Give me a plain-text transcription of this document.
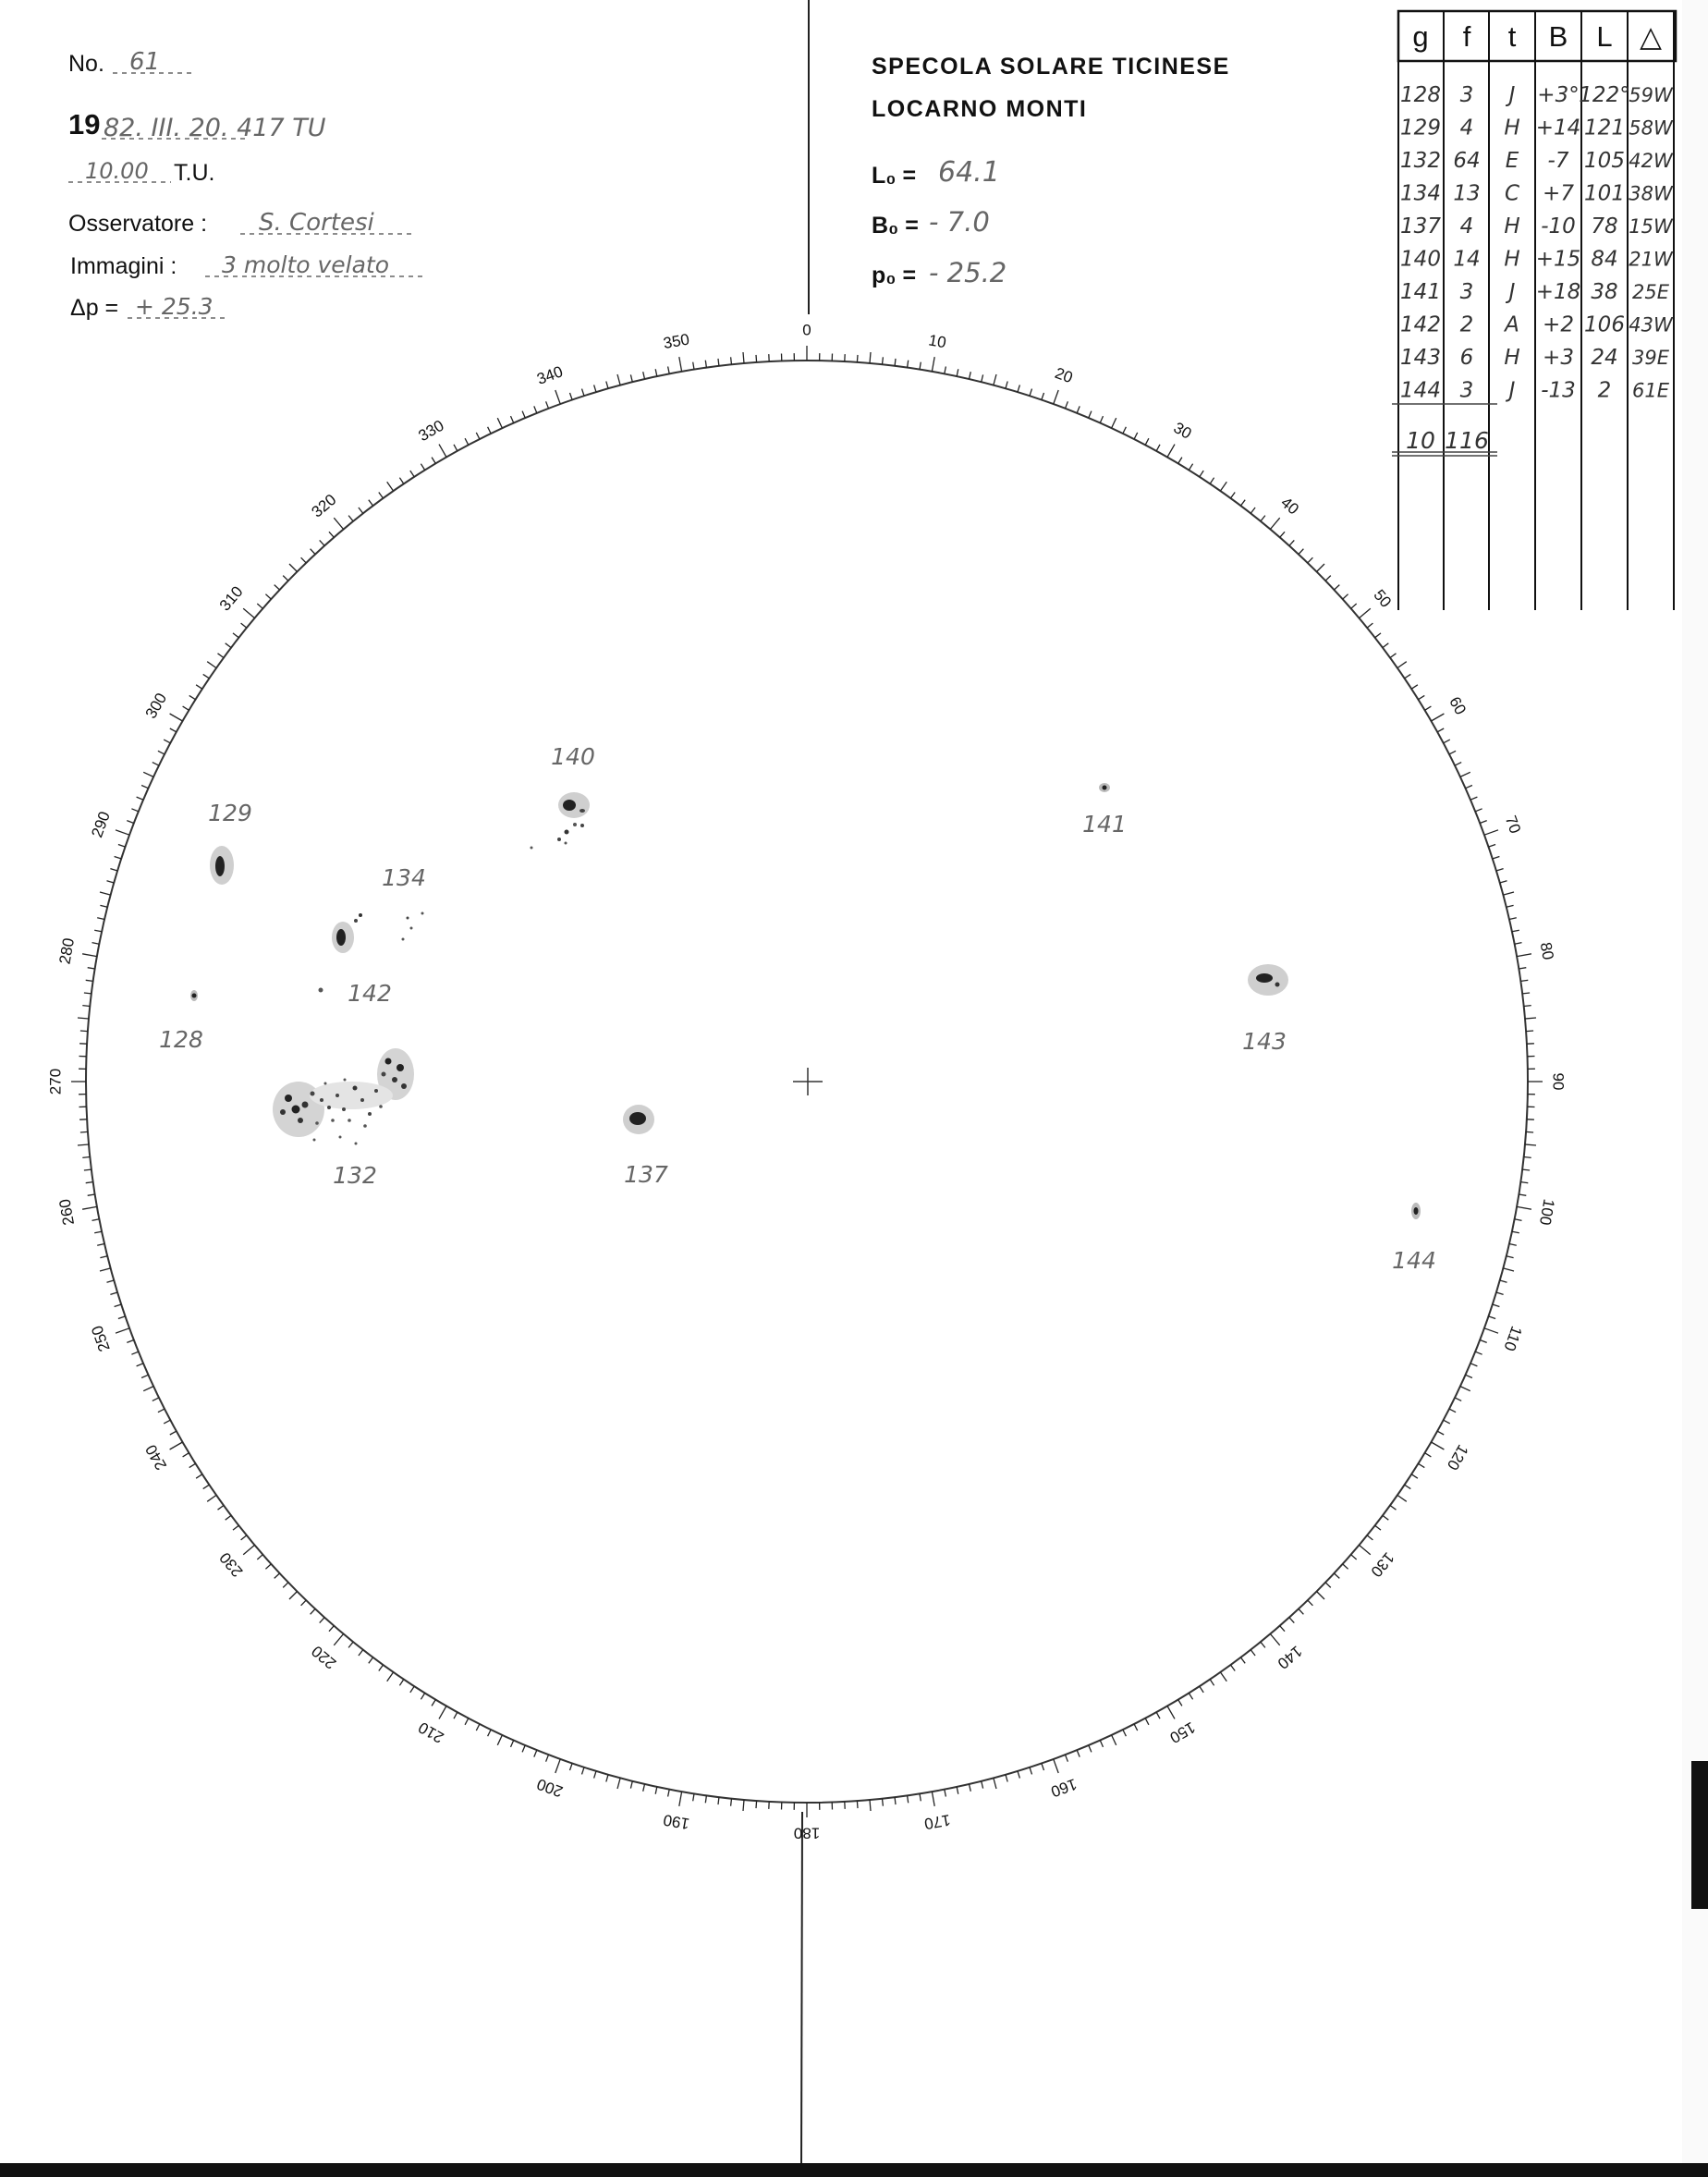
No. 61
19 82. III. 20. 417 TU
10.00 T.U.
Osservatore : S. Cortesi
Immagini : 3 molto velato
Δp = + 25.3
SPECOLA SOLARE TICINESE
LOCARNO MONTI
L₀ = 64.1
B₀ = - 7.0
p₀ = - 25.2
g f t B L △
128 3 J +3° 122°
59W
129 4 H +14 121 58W
132 64 E -7 105 42W
134 13 C +7 101 38W
137 4 H -10 78 15W
140 14 H +15 84 21W
141 3 J +18 38 25E
142 2 A +2 106 43W
143 6 H +3 24 39E
144 3 J -13 2 61E
10 116
0
10
20
30
40
50
60
70
80
90
100
110
120
130
140
150
160
170
180
190
200
210
220
230
240
250
260
270
280
290
300
310
320
330
340
350
140
129
134
142
128
132	137
141
143
144
